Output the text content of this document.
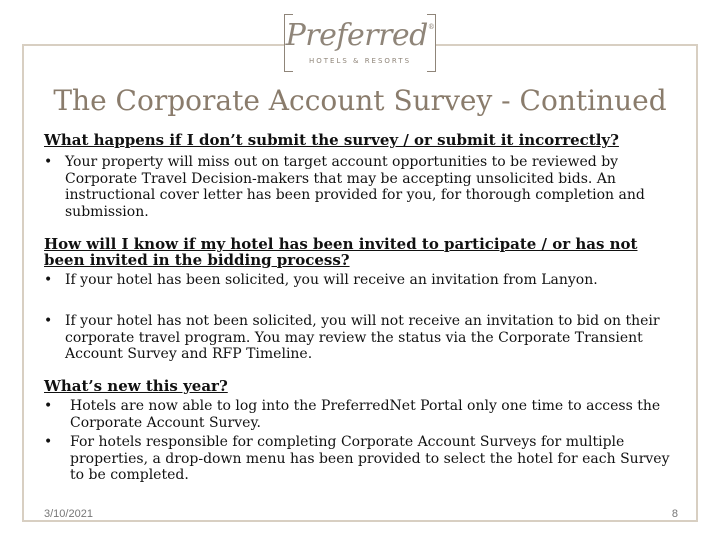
Preferred®
HOTELS & RESORTS
The Corporate Account Survey - Continued
What happens if I don’t submit the survey / or submit it incorrectly?
• Your property will miss out on target account opportunities to be reviewed by Corporate Travel Decision-makers that may be accepting unsolicited bids. An instructional cover letter has been provided for you, for thorough completion and submission.
How will I know if my hotel has been invited to participate / or has not been invited in the bidding process?
• If your hotel has been solicited, you will receive an invitation from Lanyon.
• If your hotel has not been solicited, you will not receive an invitation to bid on their corporate travel program. You may review the status via the Corporate Transient Account Survey and RFP Timeline.
What’s new this year?
•	Hotels are now able to log into the PreferredNet Portal only one time to access the Corporate Account Survey.
•	For hotels responsible for completing Corporate Account Surveys for multiple properties, a drop-down menu has been provided to select the hotel for each Survey to be completed.
3/10/2021	8
